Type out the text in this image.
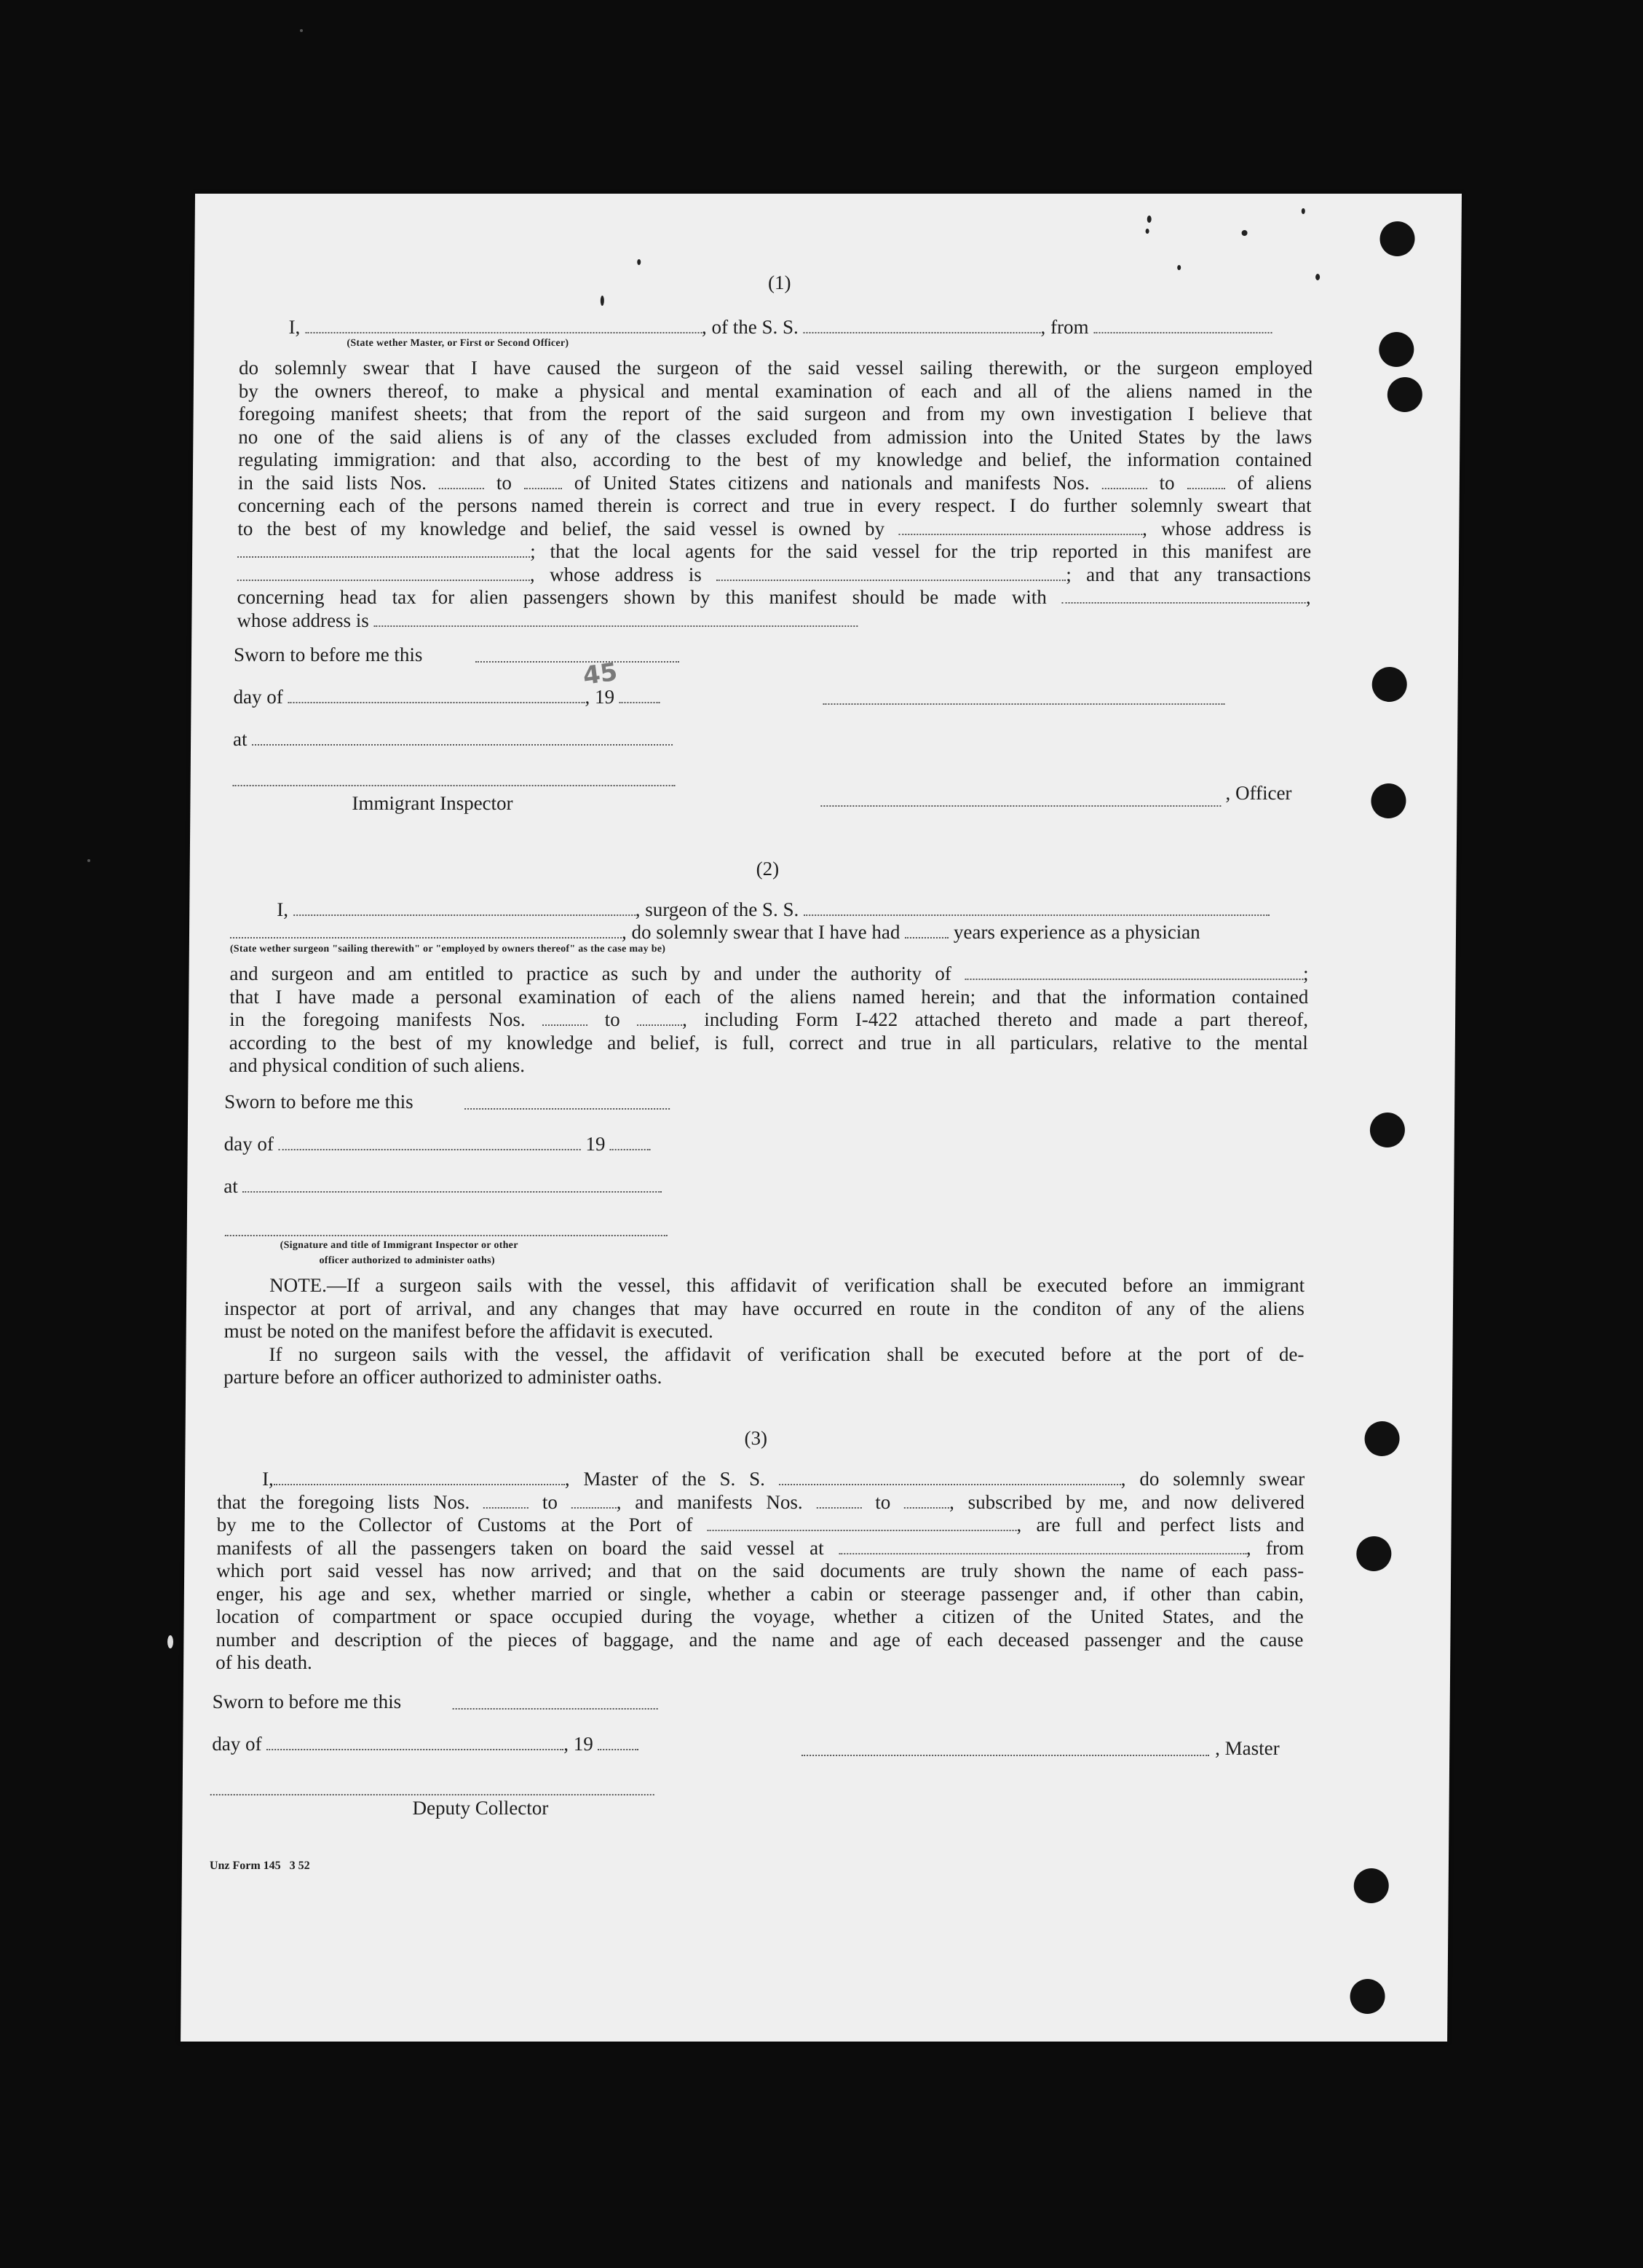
(1)
I,	, of the S. S.	, from
(State wether Master, or First or Second Officer)
do solemnly swear that I have caused the surgeon of the said vessel sailing therewith, or the surgeon employed
by the owners thereof, to make a physical and mental examination of each and all of the aliens named in the
foregoing manifest sheets; that from the report of the said surgeon and from my own investigation I believe that
no one of the said aliens is of any of the classes excluded from admission into the United States by the laws
regulating immigration: and that also, according to the best of my knowledge and belief, the information contained
in the said lists Nos.	to	of United States citizens and nationals and manifests Nos.	to	of aliens
concerning each of the persons named therein is correct and true in every respect. I do further solemnly sweart that
to the best of my knowledge and belief, the said vessel is owned by	, whose address is
; that the local agents for the said vessel for the trip reported in this manifest are
, whose address is	; and that any transactions
concerning head tax for alien passengers shown by this manifest should be made with	,
whose address is
Sworn to before me this
45
day of	, 19
at
Immigrant Inspector	, Officer
(2)
I,	, surgeon of the S. S.
, do solemnly swear that I have had	years experience as a physician
(State wether surgeon "sailing therewith" or "employed by owners thereof" as the case may be)
and surgeon and am entitled to practice as such by and under the authority of	;
that I have made a personal examination of each of the aliens named herein; and that the information contained
in the foregoing manifests Nos.	to	, including Form I-422 attached thereto and made a part thereof,
according to the best of my knowledge and belief, is full, correct and true in all particulars, relative to the mental
and physical condition of such aliens.
Sworn to before me this
day of	19
at
(Signature and title of Immigrant Inspector or other
officer authorized to administer oaths)
NOTE.—If a surgeon sails with the vessel, this affidavit of verification shall be executed before an immigrant
inspector at port of arrival, and any changes that may have occurred en route in the conditon of any of the aliens
must be noted on the manifest before the affidavit is executed.
If no surgeon sails with the vessel, the affidavit of verification shall be executed before at the port of de-
parture before an officer authorized to administer oaths.
(3)
I,	, Master of the S. S.	, do solemnly swear
that the foregoing lists Nos.	to	, and manifests Nos.	to	, subscribed by me, and now delivered
by me to the Collector of Customs at the Port of	, are full and perfect lists and
manifests of all the passengers taken on board the said vessel at	, from
which port said vessel has now arrived; and that on the said documents are truly shown the name of each pass-
enger, his age and sex, whether married or single, whether a cabin or steerage passenger and, if other than cabin,
location of compartment or space occupied during the voyage, whether a citizen of the United States, and the
number and description of the pieces of baggage, and the name and age of each deceased passenger and the cause
of his death.
Sworn to before me this
day of	, 19	, Master
Deputy Collector
Unz Form 145   3 52
